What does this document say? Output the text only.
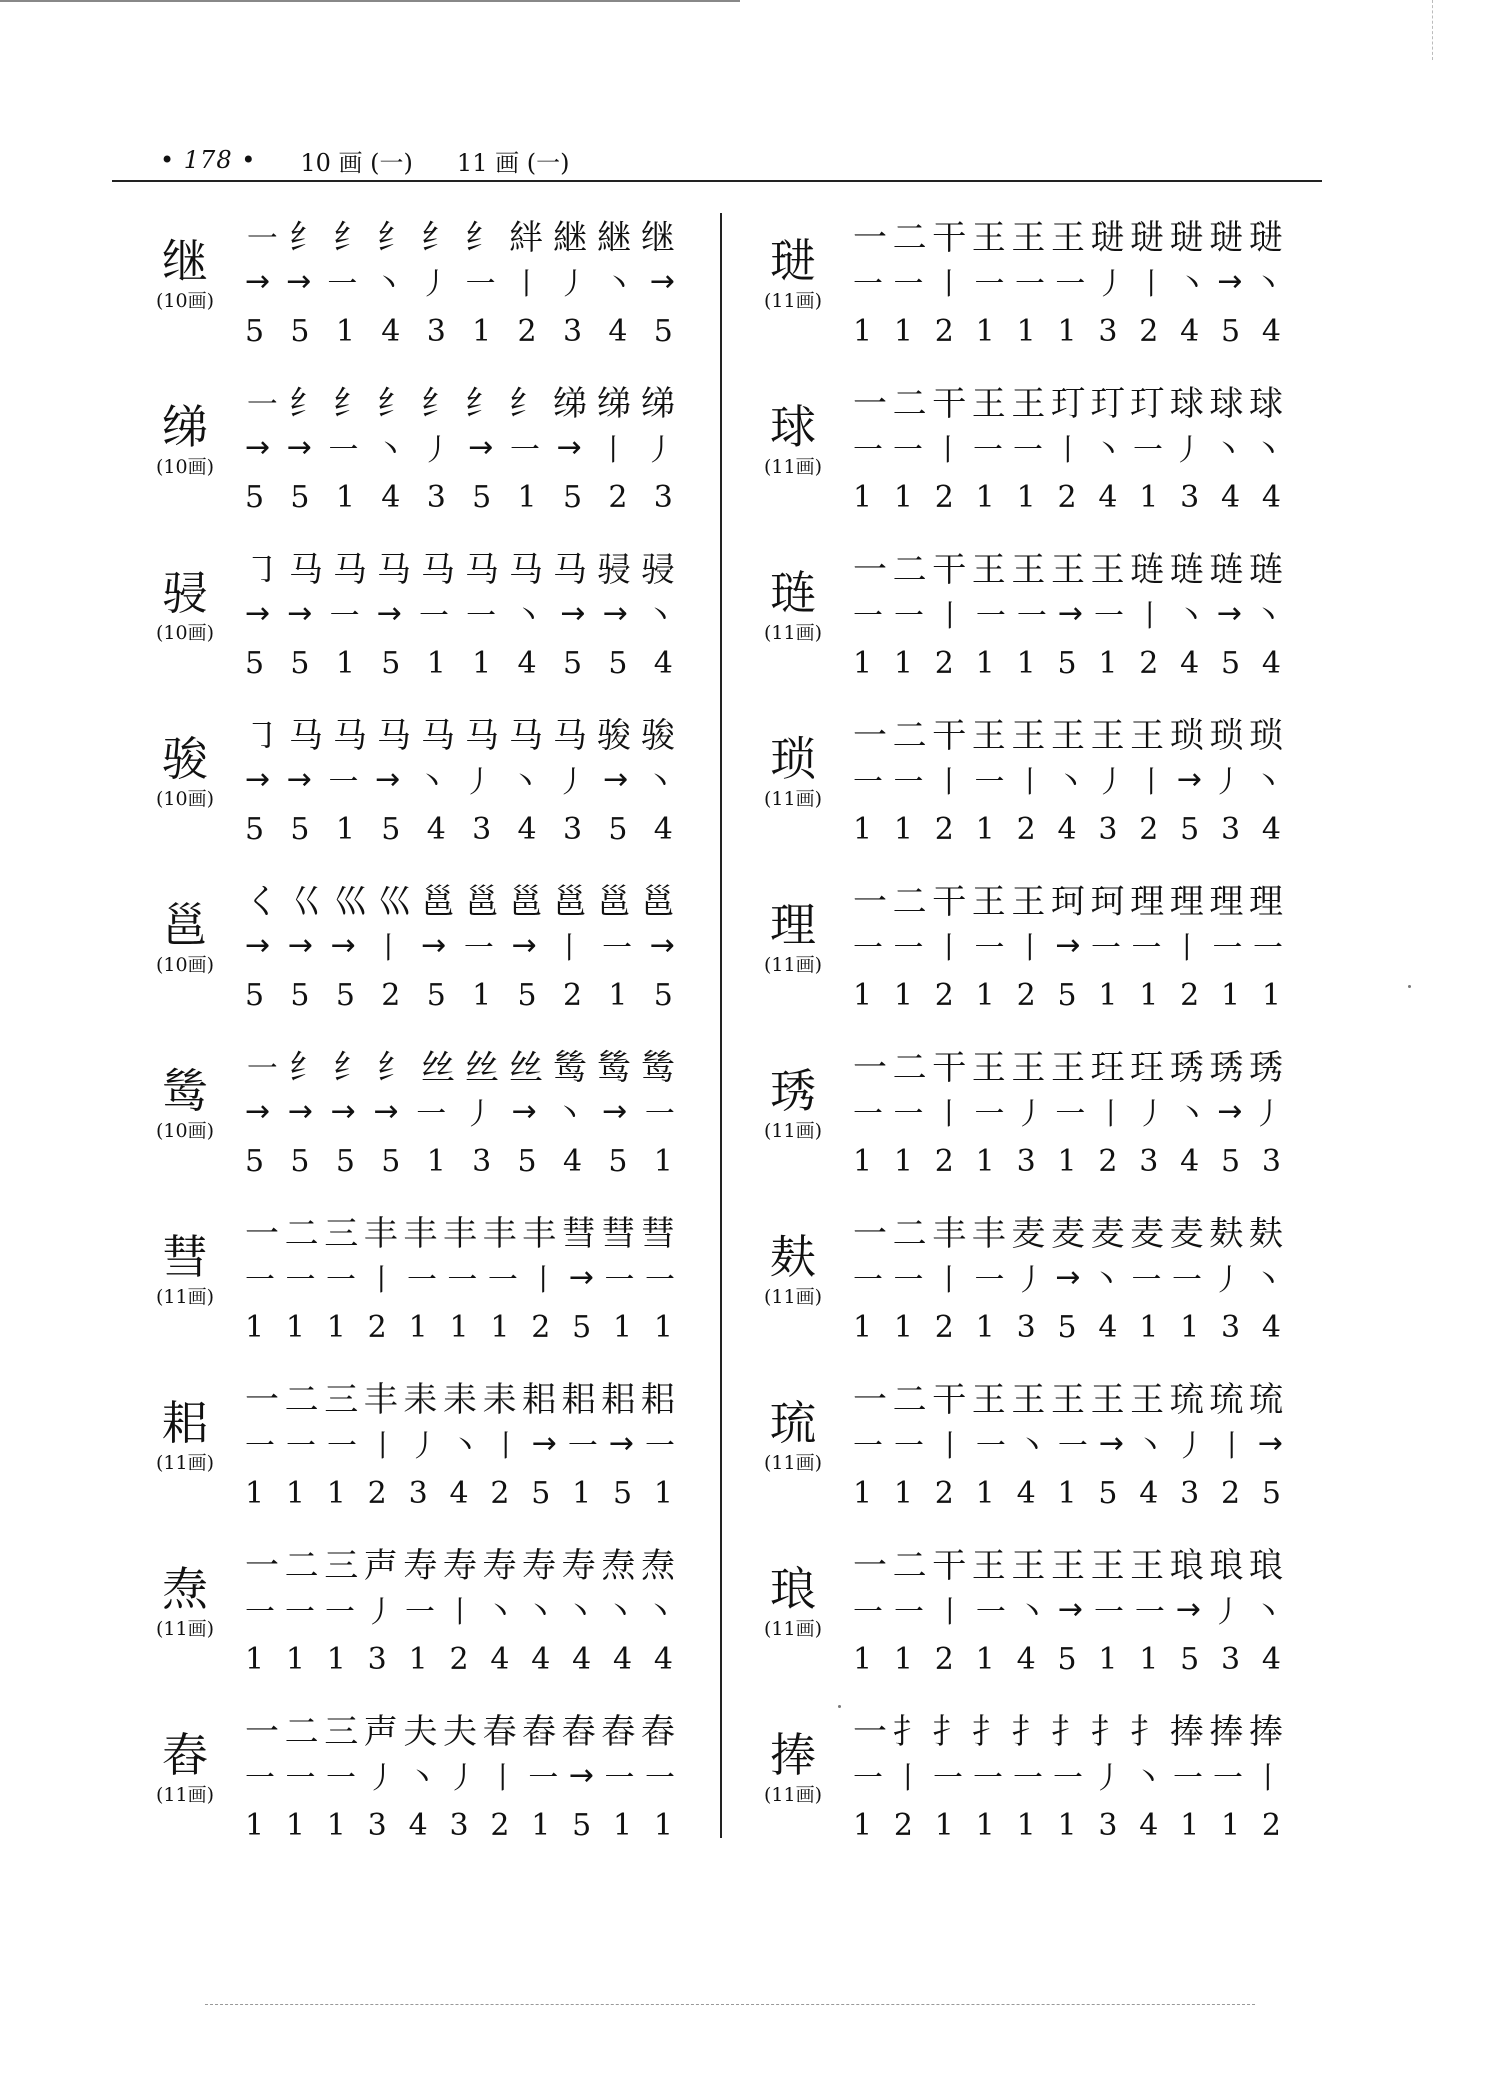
• 178 • 10 画 (一) 11 画 (一)
继
(10画)
㇐ 纟 纟 纟 纟 纟 絆 継 継 继
→ → 一 丶 丿 一 丨 丿 丶 →
5 5 1 4 3 1 2 3 4 5
绨
(10画)
㇐ 纟 纟 纟 纟 纟 纟 绨 绨 绨
→ → 一 丶 丿 → 一 → 丨 丿
5 5 1 4 3 5 1 5 2 3
骎
(10画)
㇆ 马 马 马 马 马 马 马 骎 骎
→ → 一 → 一 一 丶 → → 丶
5 5 1 5 1 1 4 5 5 4
骏
(10画)
㇆ 马 马 马 马 马 马 马 骏 骏
→ → 一 → 丶 丿 丶 丿 → 丶
5 5 1 5 4 3 4 3 5 4
邕
(10画)
く 巜 巛 巛 邕 邕 邕 邕 邕 邕
→ → → 丨 → 一 → 丨 一 →
5 5 5 2 5 1 5 2 1 5
鸶
(10画)
㇐ 纟 纟 纟 丝 丝 丝 鸶 鸶 鸶
→ → → → 一 丿 → 丶 → 一
5 5 5 5 1 3 5 4 5 1
彗
(11画)
一 二 三 丰 丰 丰 丰 丰 彗 彗 彗
一 一 一 丨 一 一 一 丨 → 一 一
1 1 1 2 1 1 1 2 5 1 1
耜
(11画)
一 二 三 丰 耒 耒 耒 耜 耜 耜 耜
一 一 一 丨 丿 丶 丨 → 一 → 一
1 1 1 2 3 4 2 5 1 5 1
焘
(11画)
一 二 三 声 寿 寿 寿 寿 寿 焘 焘
一 一 一 丿 一 丨 丶 丶 丶 丶 丶
1 1 1 3 1 2 4 4 4 4 4
舂
(11画)
一 二 三 声 夫 夫 春 舂 舂 舂 舂
一 一 一 丿 丶 丿 丨 一 → 一 一
1 1 1 3 4 3 2 1 5 1 1
琎
(11画)
一 二 干 王 王 王 琎 琎 琎 琎 琎
一 一 丨 一 一 一 丿 丨 丶 → 丶
1 1 2 1 1 1 3 2 4 5 4
球
(11画)
一 二 干 王 王 玎 玎 玎 球 球 球
一 一 丨 一 一 丨 丶 一 丿 丶 丶
1 1 2 1 1 2 4 1 3 4 4
琏
(11画)
一 二 干 王 王 王 王 琏 琏 琏 琏
一 一 丨 一 一 → 一 丨 丶 → 丶
1 1 2 1 1 5 1 2 4 5 4
琐
(11画)
一 二 干 王 王 王 王 王 琐 琐 琐
一 一 丨 一 丨 丶 丿 丨 → 丿 丶
1 1 2 1 2 4 3 2 5 3 4
理
(11画)
一 二 干 王 王 珂 珂 理 理 理 理
一 一 丨 一 丨 → 一 一 丨 一 一
1 1 2 1 2 5 1 1 2 1 1
琇
(11画)
一 二 干 王 王 王 玨 玨 琇 琇 琇
一 一 丨 一 丿 一 丨 丿 丶 → 丿
1 1 2 1 3 1 2 3 4 5 3
麸
(11画)
一 二 丰 丰 麦 麦 麦 麦 麦 麸 麸
一 一 丨 一 丿 → 丶 一 一 丿 丶
1 1 2 1 3 5 4 1 1 3 4
琉
(11画)
一 二 干 王 王 王 王 王 琉 琉 琉
一 一 丨 一 丶 一 → 丶 丿 丨 →
1 1 2 1 4 1 5 4 3 2 5
琅
(11画)
一 二 干 王 王 王 王 王 琅 琅 琅
一 一 丨 一 丶 → 一 一 → 丿 丶
1 1 2 1 4 5 1 1 5 3 4
捧
(11画)
一 扌 扌 扌 扌 扌 扌 扌 捧 捧 捧
一 丨 一 一 一 一 丿 丶 一 一 丨
1 2 1 1 1 1 3 4 1 1 2
